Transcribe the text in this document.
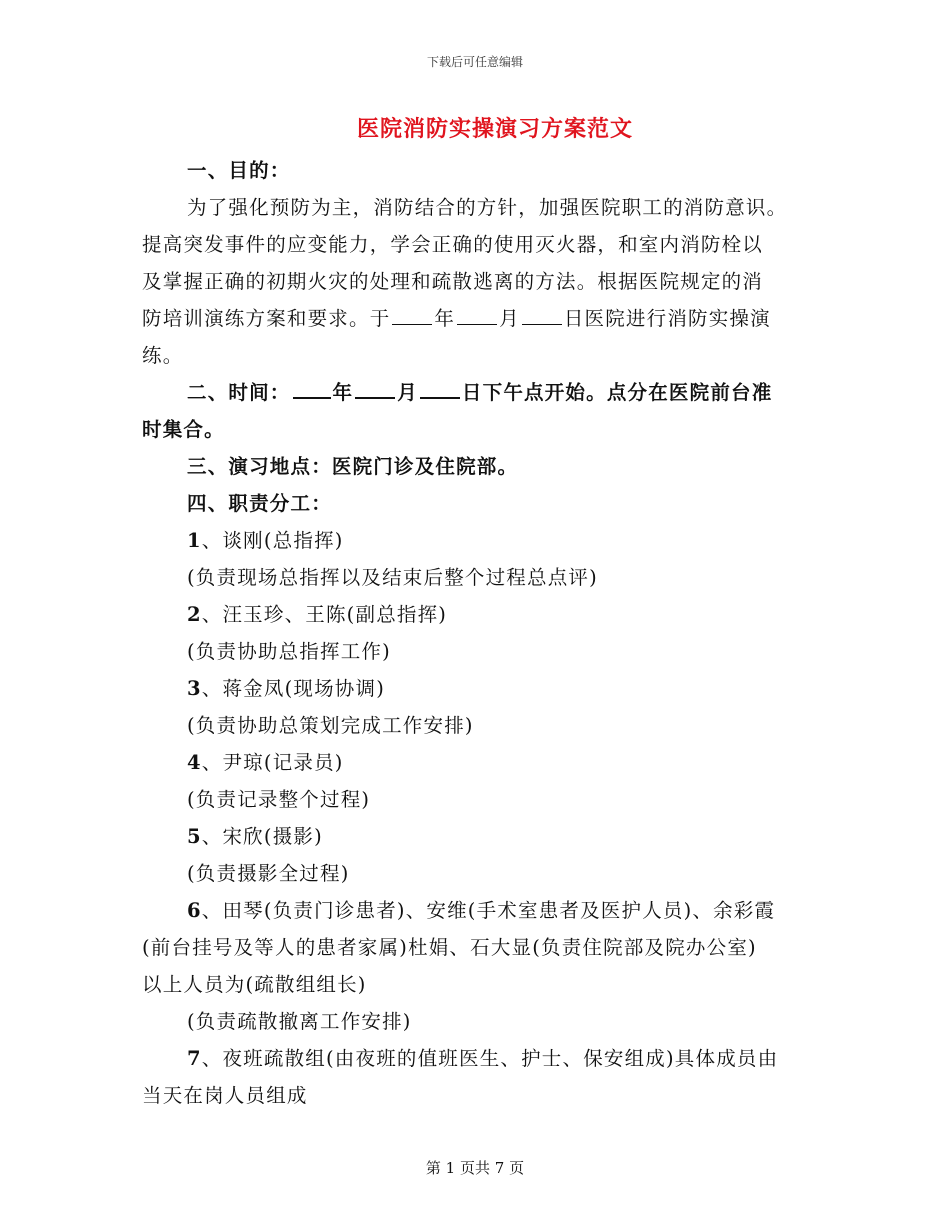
下载后可任意编辑
医院消防实操演习方案范文
一、目的：
为了强化预防为主，消防结合的方针，加强医院职工的消防意识。
提高突发事件的应变能力，学会正确的使用灭火器，和室内消防栓以
及掌握正确的初期火灾的处理和疏散逃离的方法。根据医院规定的消
防培训演练方案和要求。于 年 月 日医院进行消防实操演
练。
二、时间： 年 月 日下午点开始。点分在医院前台准
时集合。
三、演习地点：医院门诊及住院部。
四、职责分工：
1、谈刚(总指挥)
(负责现场总指挥以及结束后整个过程总点评)
2、汪玉珍、王陈(副总指挥)
(负责协助总指挥工作)
3、蒋金凤(现场协调)
(负责协助总策划完成工作安排)
4、尹琼(记录员)
(负责记录整个过程)
5、宋欣(摄影)
(负责摄影全过程)
6、田琴(负责门诊患者)、安维(手术室患者及医护人员)、余彩霞
(前台挂号及等人的患者家属)杜娟、石大显(负责住院部及院办公室)
以上人员为(疏散组组长)
(负责疏散撤离工作安排)
7、夜班疏散组(由夜班的值班医生、护士、保安组成)具体成员由
当天在岗人员组成
第 1 页共 7 页
